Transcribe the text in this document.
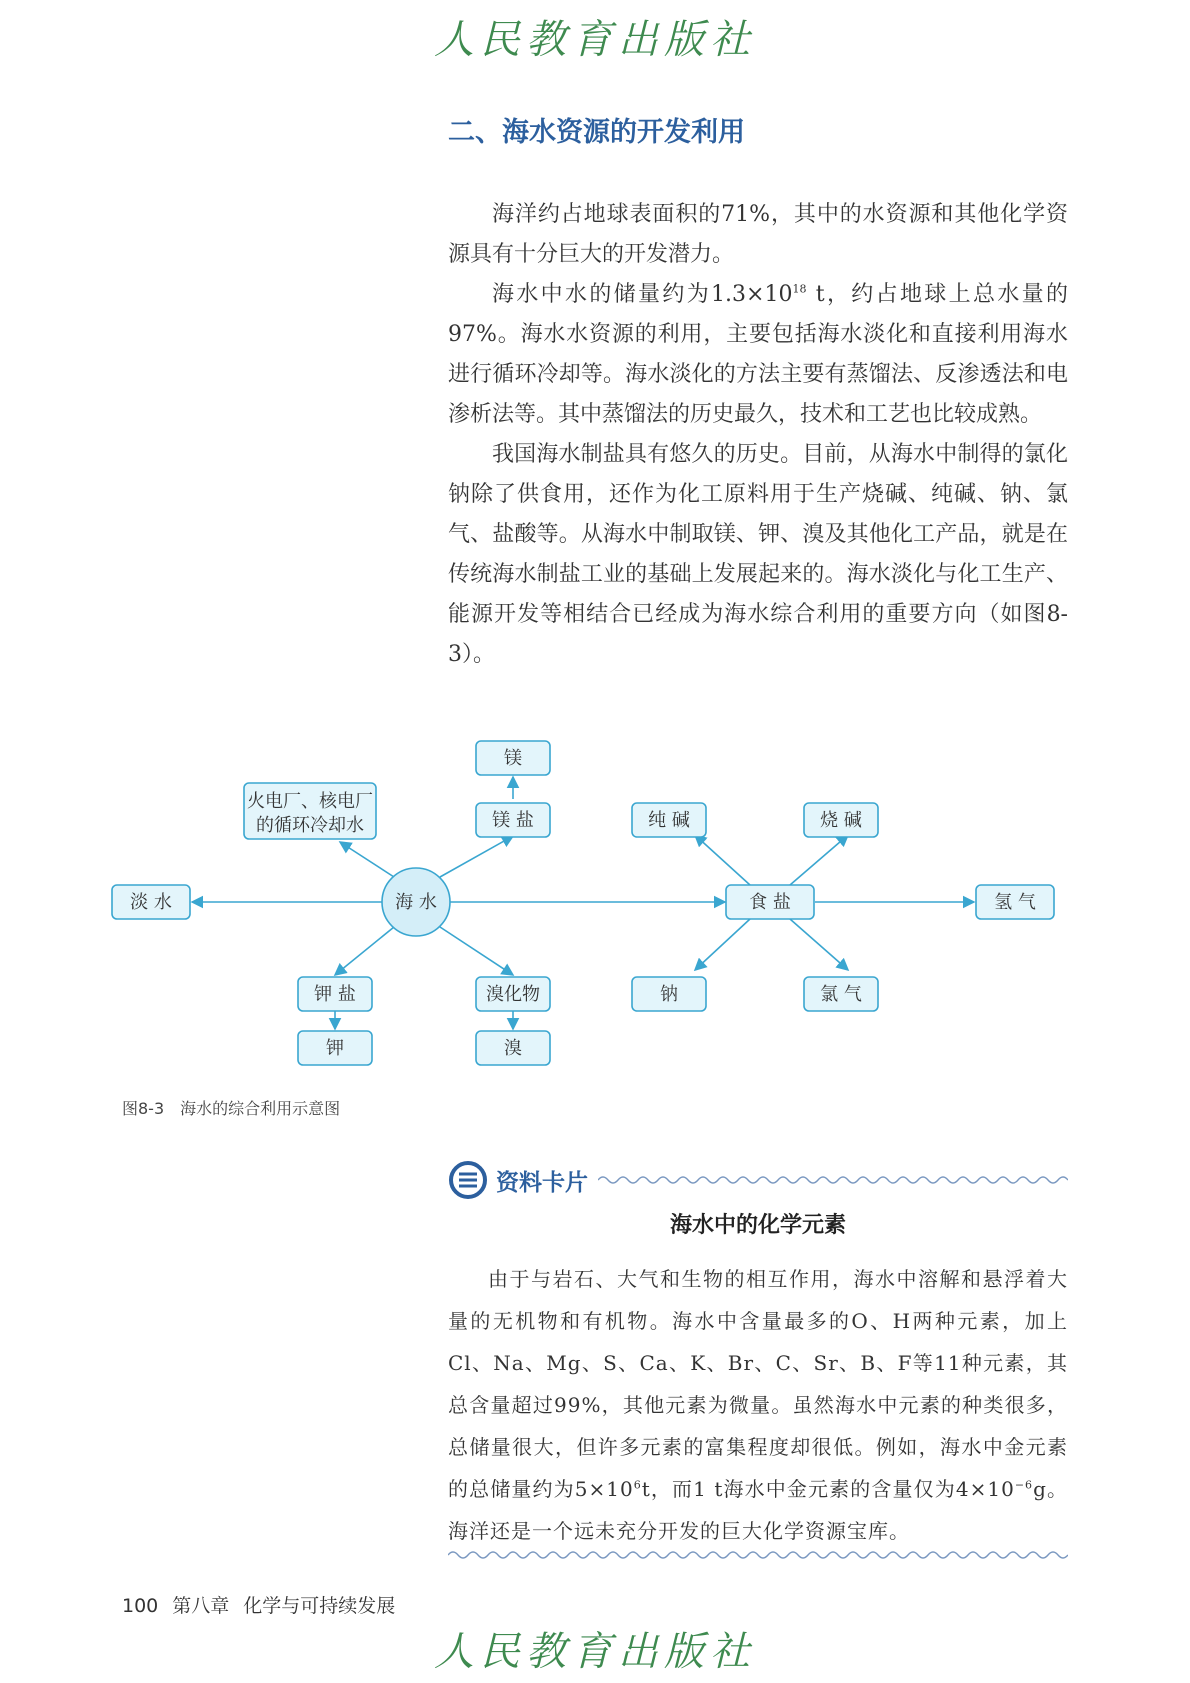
人民教育出版社
二、海水资源的开发利用

海洋约占地球表面积的71%，其中的水资源和其他化学资源具有十分巨大的开发潜力。

海水中水的储量约为$1.3\times 10^{18}$ t，约占地球上总水量的97%。海水水资源的利用，主要包括海水淡化和直接利用海水进行循环冷却等。海水淡化的方法主要有蒸馏法、反渗透法和电渗析法等。其中蒸馏法的历史最久，技术和工艺也比较成熟。

我国海水制盐具有悠久的历史。目前，从海水中制得的氯化钠除了供食用，还作为化工原料用于生产烧碱、纯碱、钠、氯气、盐酸等。从海水中制取镁、钾、溴及其他化工产品，就是在传统海水制盐工业的基础上发展起来的。海水淡化与化工生产、能源开发等相结合已经成为海水综合利用的重要方向（如图8-3）。

镁
火电厂、核电厂
的循环冷却水	镁 盐	纯 碱	烧 碱
淡 水	海 水	食 盐	氢 气
钾 盐	溴化物	钠	氯 气
钾	溴
图8-3　海水的综合利用示意图
资料卡片
海水中的化学元素

由于与岩石、大气和生物的相互作用，海水中溶解和悬浮着大量的无机物和有机物。海水中含量最多的O、H两种元素，加上Cl、Na、Mg、S、Ca、K、Br、C、Sr、B、F等11种元素，其总含量超过99%，其他元素为微量。虽然海水中元素的种类很多，总储量很大，但许多元素的富集程度却很低。例如，海水中金元素的总储量约为$5\times 10^6t$，而1 t海水中金元素的含量仅为$4\times 10^{-6}g$。海洋还是一个远未充分开发的巨大化学资源宝库。

100 第八章 化学与可持续发展
人民教育出版社
